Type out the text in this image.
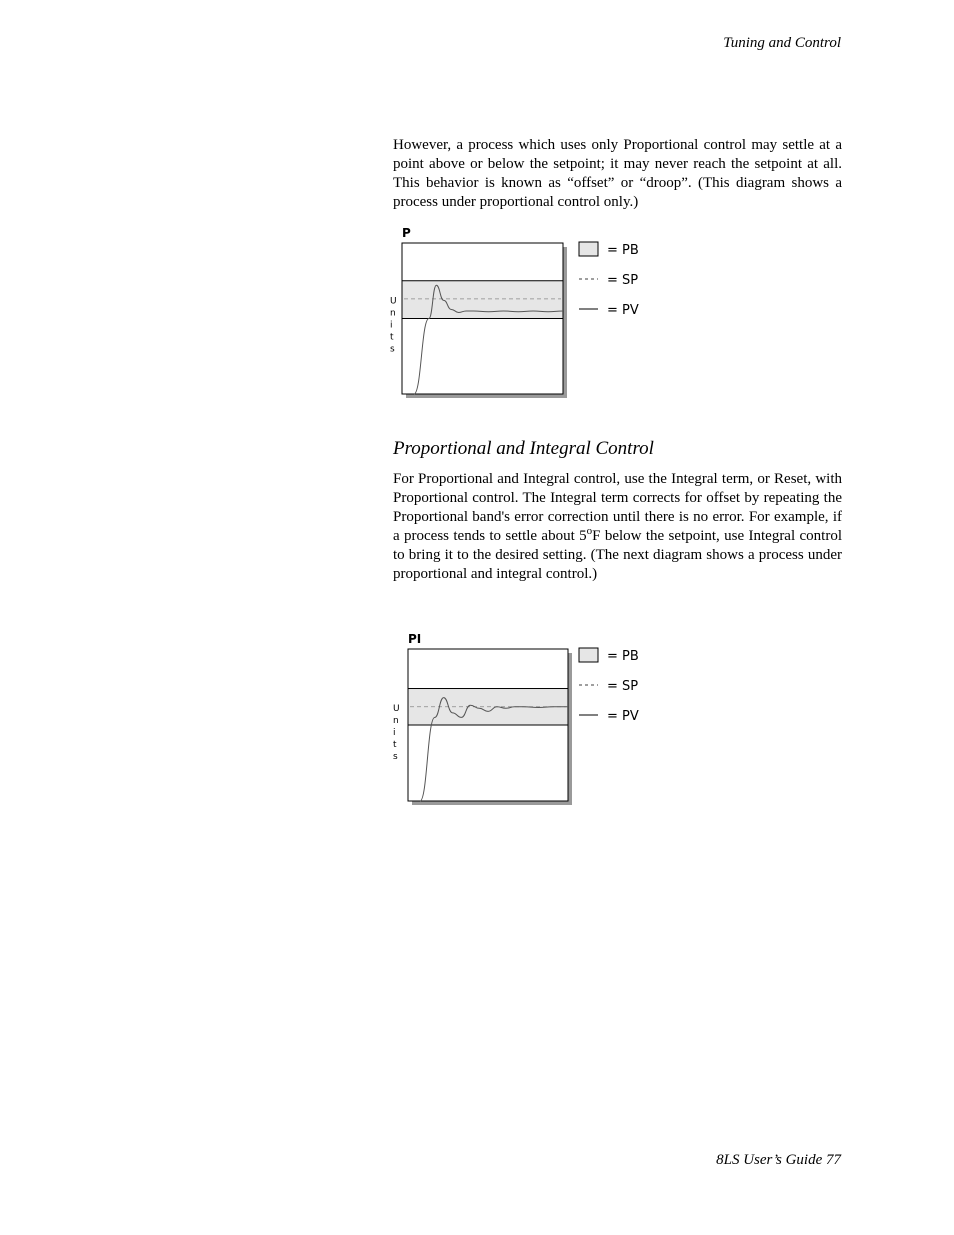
Tuning and Control

However, a process which uses only Proportional control may settle at a point above or below the setpoint; it may never reach the setpoint at all. This behavior is known as “offset” or “droop”. (This diagram shows a process under proportional control only.)

P
U
n
i
t
s
= PB
= SP
= PV
Proportional and Integral Control

For Proportional and Integral control, use the Integral term, or Reset, with Proportional control. The Integral term corrects for offset by repeating the Proportional band's error correction until there is no error. For example, if a process tends to settle about 5$^o$F below the setpoint, use Integral control to bring it to the desired setting. (The next diagram shows a process under proportional and integral control.)

PI
U
n
i
t
s
= PB
= SP
= PV
8LS User’s Guide 77
